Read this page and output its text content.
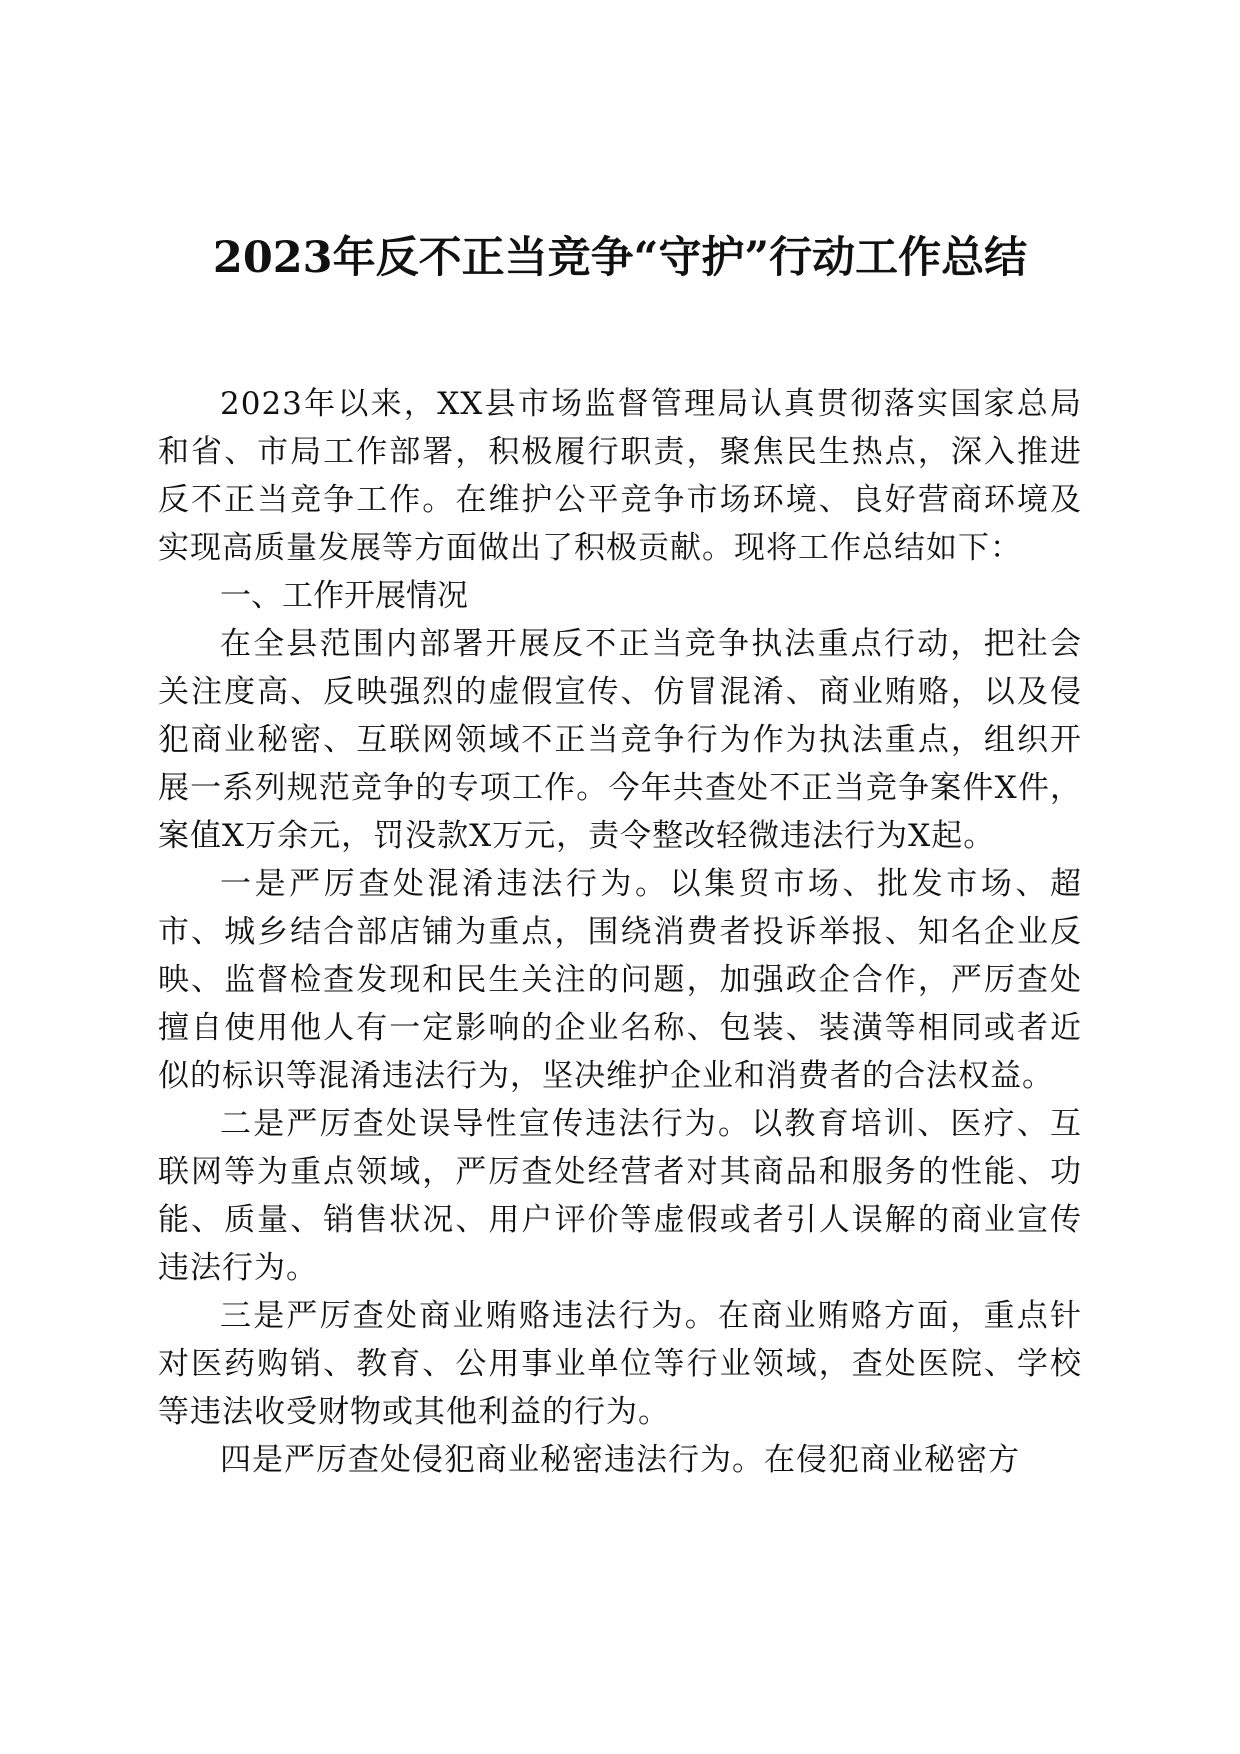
2023年反不正当竞争“守护”行动工作总结

2023年以来，XX县市场监督管理局认真贯彻落实国家总局和省、市局工作部署，积极履行职责，聚焦民生热点，深入推进反不正当竞争工作。在维护公平竞争市场环境、良好营商环境及实现高质量发展等方面做出了积极贡献。现将工作总结如下：

一、工作开展情况

在全县范围内部署开展反不正当竞争执法重点行动，把社会关注度高、反映强烈的虚假宣传、仿冒混淆、商业贿赂，以及侵犯商业秘密、互联网领域不正当竞争行为作为执法重点，组织开展一系列规范竞争的专项工作。今年共查处不正当竞争案件X件，案值X万余元，罚没款X万元，责令整改轻微违法行为X起。

一是严厉查处混淆违法行为。以集贸市场、批发市场、超市、城乡结合部店铺为重点，围绕消费者投诉举报、知名企业反映、监督检查发现和民生关注的问题，加强政企合作，严厉查处擅自使用他人有一定影响的企业名称、包装、装潢等相同或者近似的标识等混淆违法行为，坚决维护企业和消费者的合法权益。

二是严厉查处误导性宣传违法行为。以教育培训、医疗、互联网等为重点领域，严厉查处经营者对其商品和服务的性能、功能、质量、销售状况、用户评价等虚假或者引人误解的商业宣传违法行为。

三是严厉查处商业贿赂违法行为。在商业贿赂方面，重点针对医药购销、教育、公用事业单位等行业领域，查处医院、学校等违法收受财物或其他利益的行为。

四是严厉查处侵犯商业秘密违法行为。在侵犯商业秘密方
